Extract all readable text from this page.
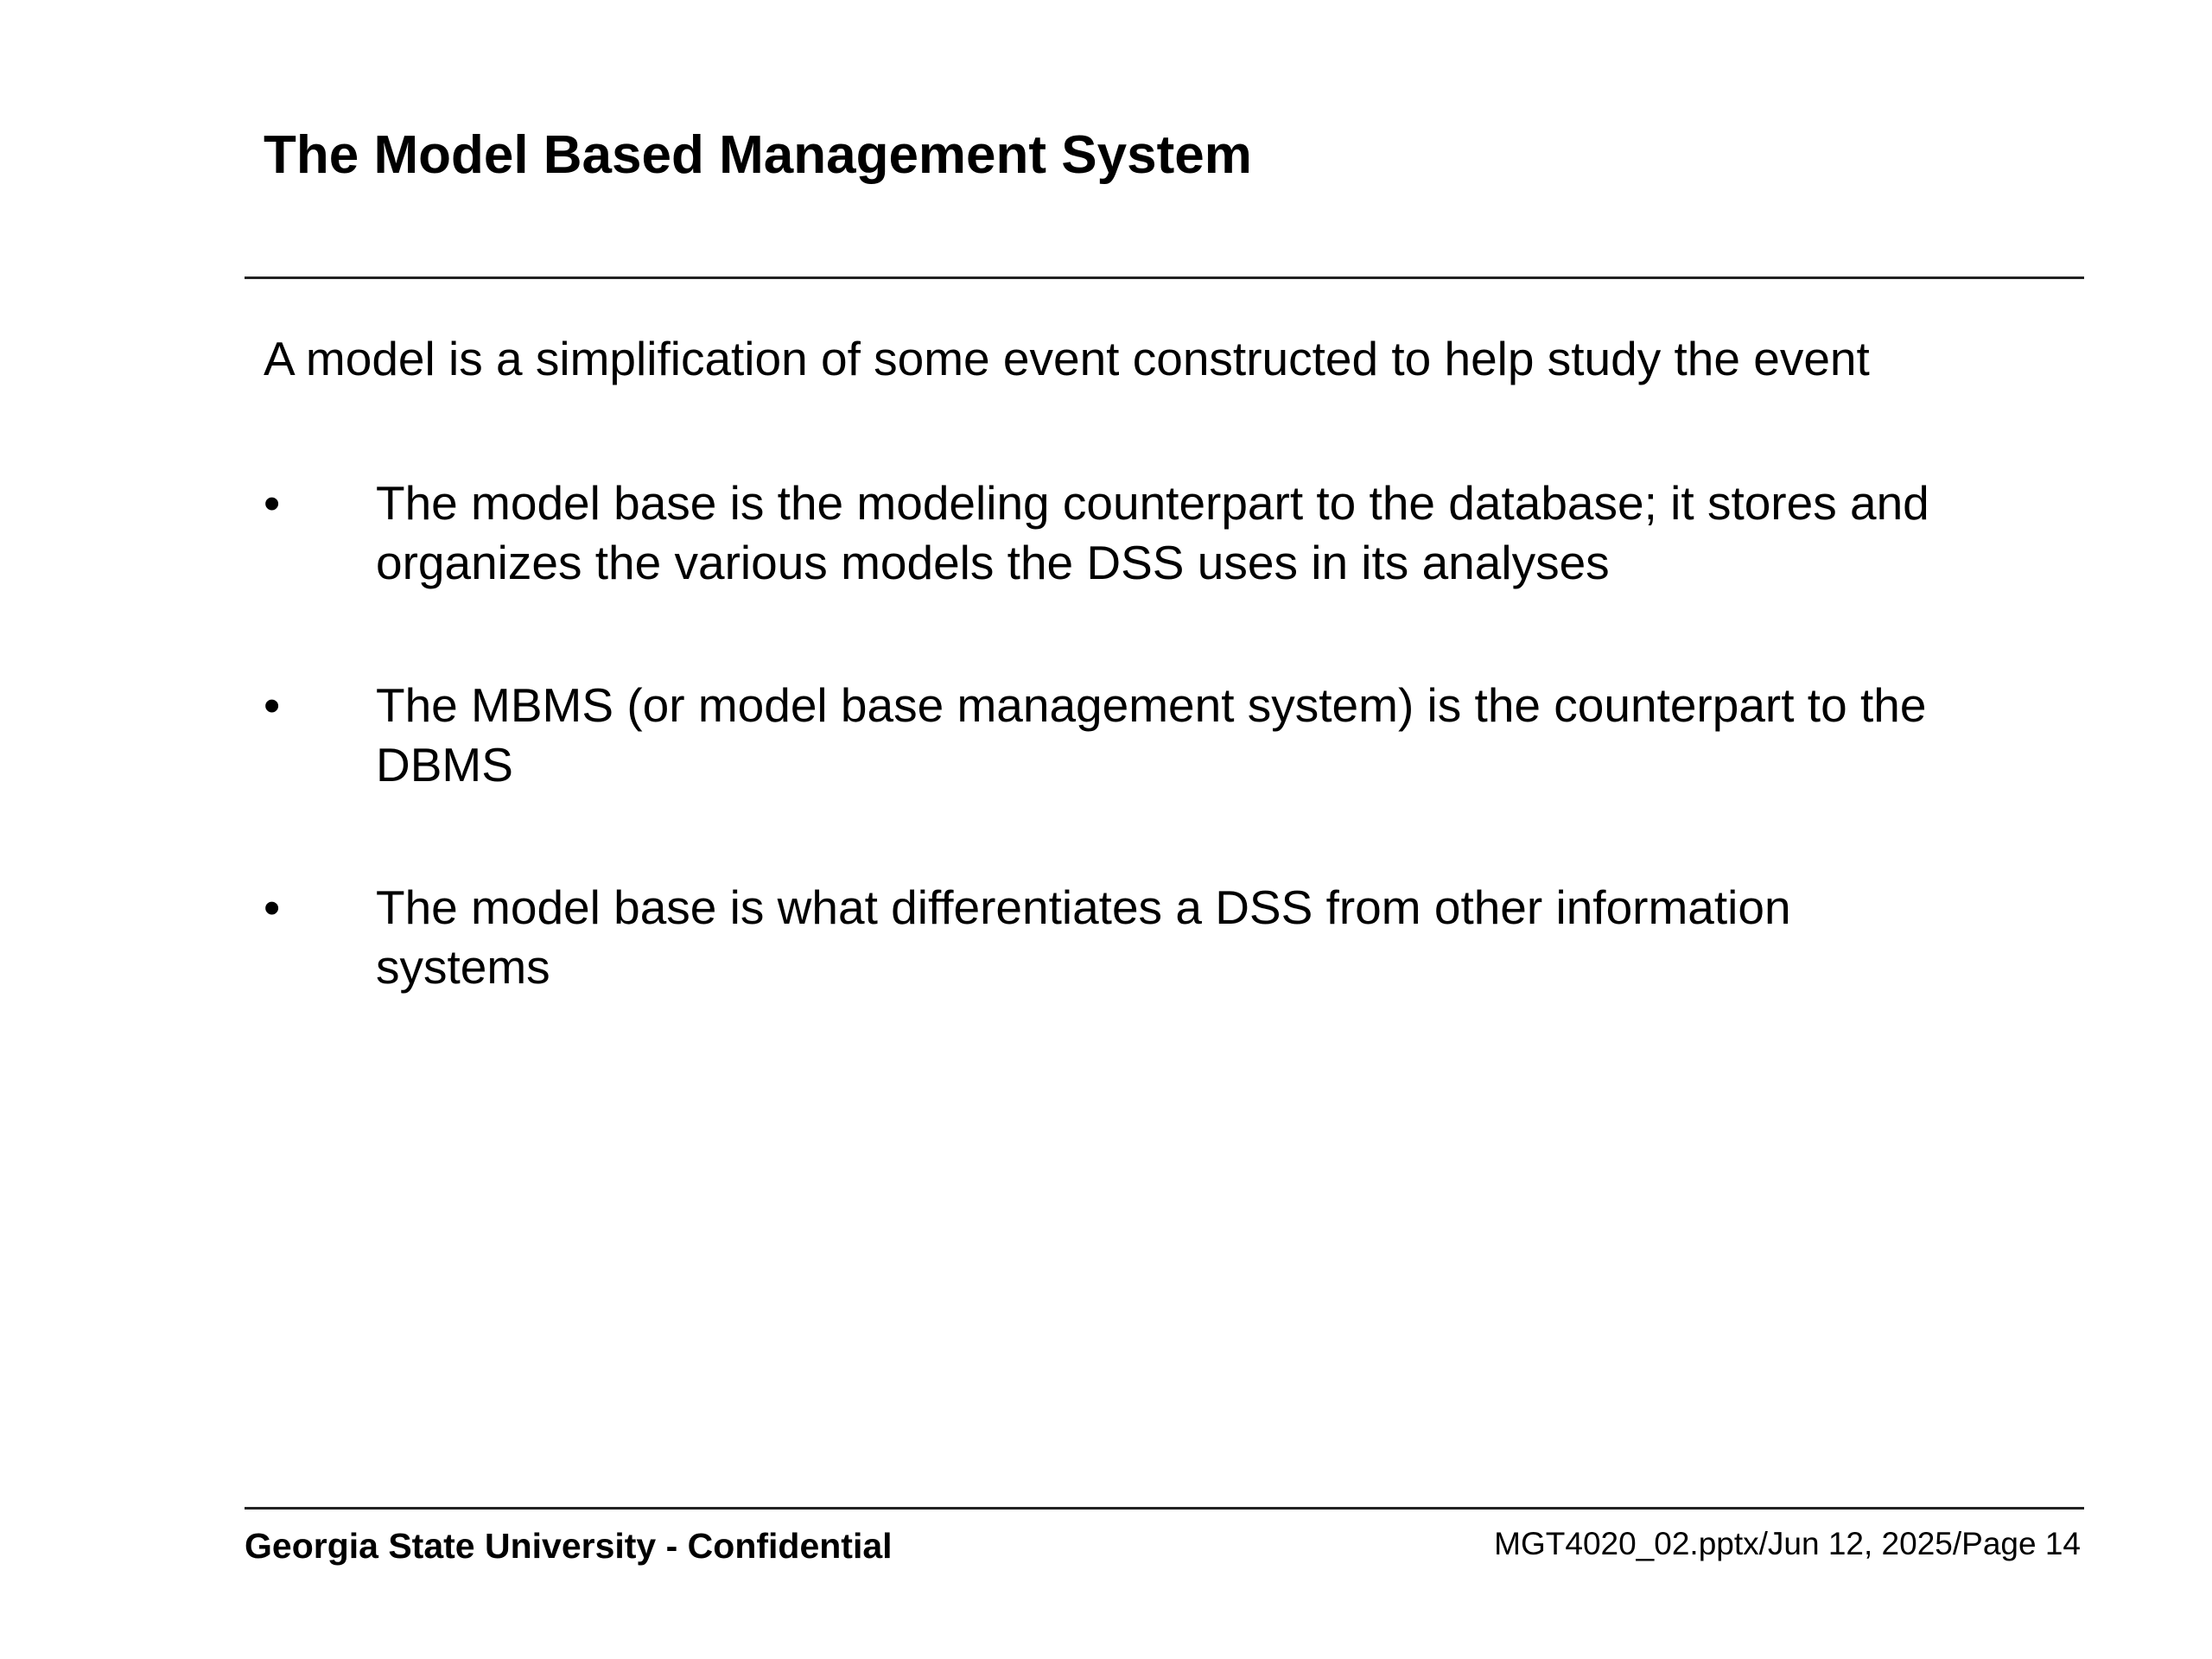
The Model Based Management System

A model is a simplification of some event constructed to help study the event

•	The model base is the modeling counterpart to the database; it stores and
organizes the various models the DSS uses in its analyses
•	The MBMS (or model base management system) is the counterpart to the
DBMS
•	The model base is what differentiates a DSS from other information
systems

Georgia State University - Confidential	MGT4020_02.pptx/Jun 12, 2025/Page 14
